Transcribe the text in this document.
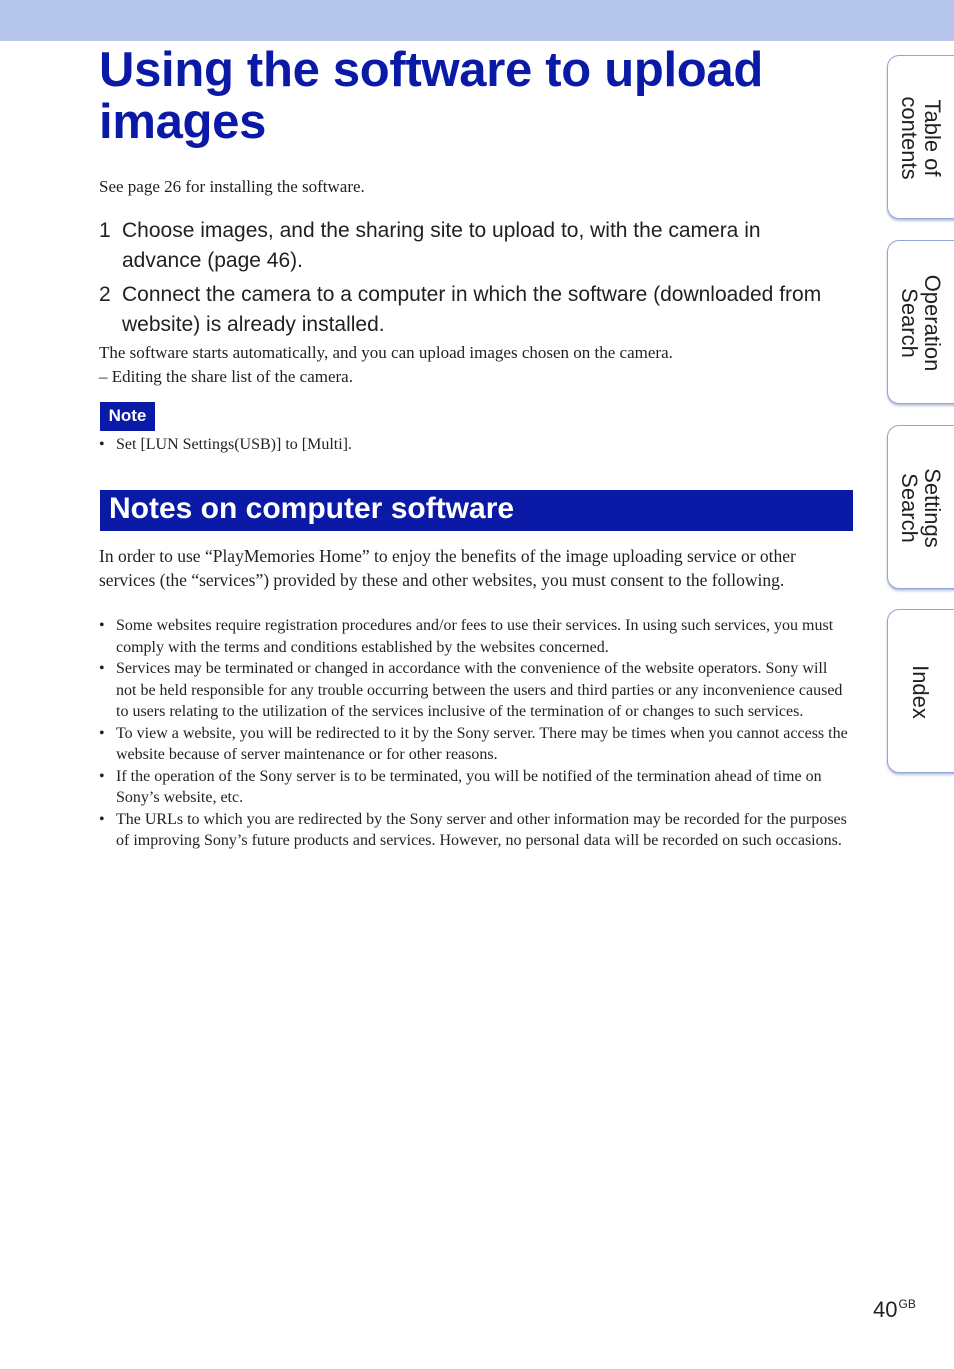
Using the software to upload images
See page 26 for installing the software.
1 Choose images, and the sharing site to upload to, with the camera in advance (page 46).
2 Connect the camera to a computer in which the software (downloaded from website) is already installed.
The software starts automatically, and you can upload images chosen on the camera.
– Editing the share list of the camera.
Note
• Set [LUN Settings(USB)] to [Multi].
Notes on computer software

In order to use “PlayMemories Home” to enjoy the benefits of the image uploading service or other services (the “services”) provided by these and other websites, you must consent to the following.

• Some websites require registration procedures and/or fees to use their services. In using such services, you must comply with the terms and conditions established by the websites concerned.
• Services may be terminated or changed in accordance with the convenience of the website operators. Sony will not be held responsible for any trouble occurring between the users and third parties or any inconvenience caused to users relating to the utilization of the services inclusive of the termination of or changes to such services.
• To view a website, you will be redirected to it by the Sony server. There may be times when you cannot access the website because of server maintenance or for other reasons.
• If the operation of the Sony server is to be terminated, you will be notified of the termination ahead of time on Sony’s website, etc.
• The URLs to which you are redirected by the Sony server and other information may be recorded for the purposes of improving Sony’s future products and services. However, no personal data will be recorded on such occasions.
Table of
contents
Operation
Search
Settings
Search
Index
$40^{GB}$
